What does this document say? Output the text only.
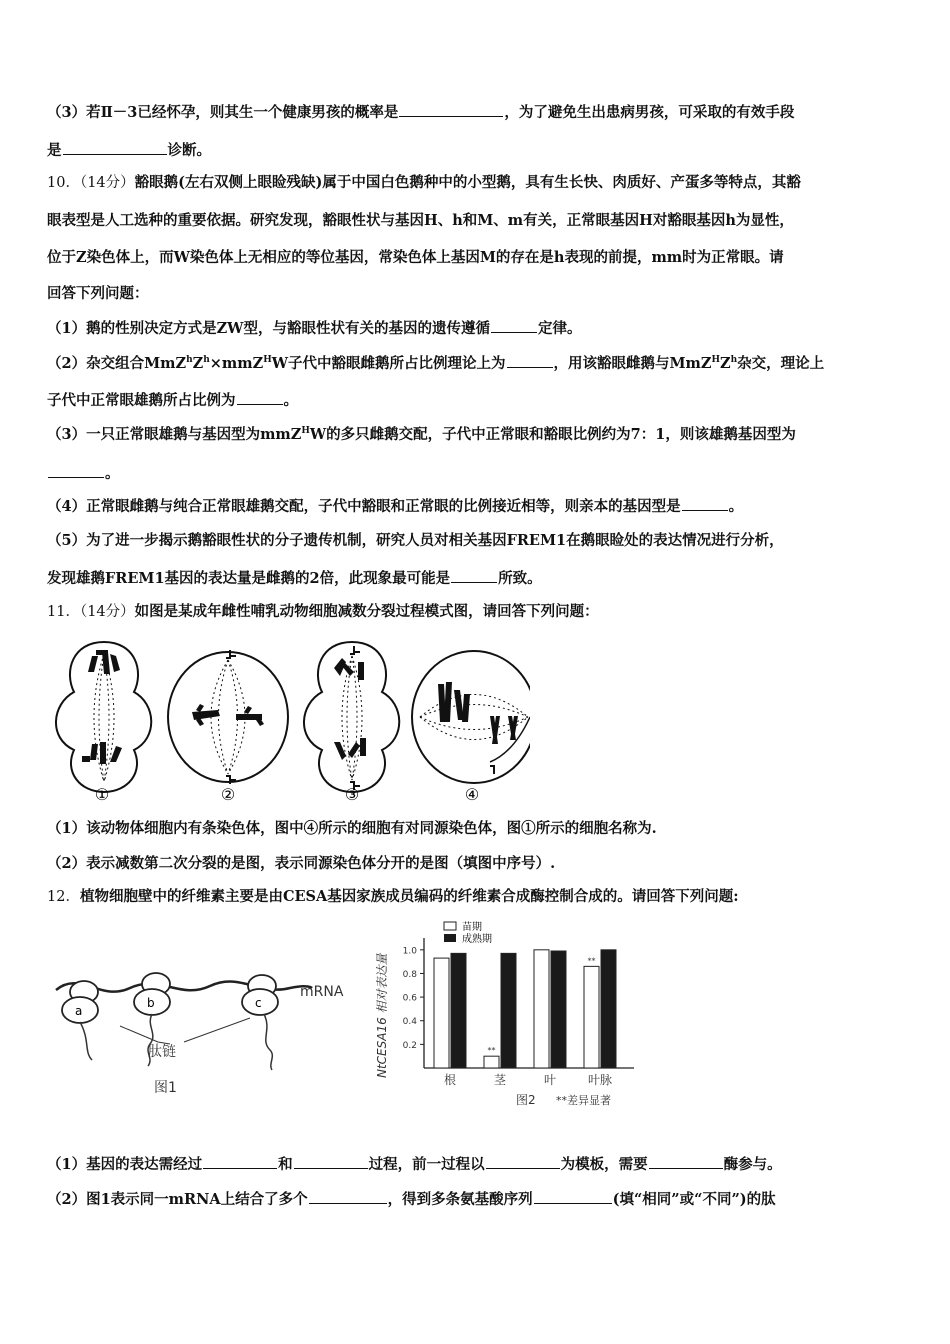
（3）若Ⅱ－3已经怀孕，则其生一个健康男孩的概率是	，为了避免生出患病男孩，可采取的有效手段
是	诊断。
10．（14分）豁眼鹅(左右双侧上眼睑残缺)属于中国白色鹅种中的小型鹅，具有生长快、肉质好、产蛋多等特点，其豁
眼表型是人工选种的重要依据。研究发现，豁眼性状与基因H、h和M、m有关，正常眼基因H对豁眼基因h为显性，
位于Z染色体上，而W染色体上无相应的等位基因，常染色体上基因M的存在是h表现的前提，mm时为正常眼。请
回答下列问题：
（1）鹅的性别决定方式是ZW型，与豁眼性状有关的基因的遗传遵循	定律。
（2）杂交组合$MmZ^hZ^h\times mmZ^HW$子代中豁眼雌鹅所占比例理论上为	，用该豁眼雌鹅与$MmZ^HZ^h$杂交，理论上
子代中正常眼雄鹅所占比例为	。
（3）一只正常眼雄鹅与基因型为mmZ$^H$W的多只雌鹅交配，子代中正常眼和豁眼比例约为7：1，则该雄鹅基因型为
。
（4）正常眼雌鹅与纯合正常眼雄鹅交配，子代中豁眼和正常眼的比例接近相等，则亲本的基因型是	。
（5）为了进一步揭示鹅豁眼性状的分子遗传机制，研究人员对相关基因FREM1在鹅眼睑处的表达情况进行分析，
发现雄鹅FREM1基因的表达量是雌鹅的2倍，此现象最可能是	所致。
11．（14分）如图是某成年雌性哺乳动物细胞减数分裂过程模式图，请回答下列问题：
①	②	③	④
（1）该动物体细胞内有条染色体，图中④所示的细胞有对同源染色体，图①所示的细胞名称为.
（2）表示减数第二次分裂的是图，表示同源染色体分开的是图（填图中序号）.
12．植物细胞壁中的纤维素主要是由CESA基因家族成员编码的纤维素合成酶控制合成的。请回答下列问题:
a
b	c
mRNA
肽链
图1
NtCESA16 相对表达量
苗期
成熟期
0.2
0.4
0.6
0.8
1.0
**
**
根	茎	叶	叶脉
图2 **差异显著
（1）基因的表达需经过	和	过程，前一过程以	为模板，需要	酶参与。
（2）图1表示同一mRNA上结合了多个	，得到多条氨基酸序列	(填“相同”或“不同”)的肽
